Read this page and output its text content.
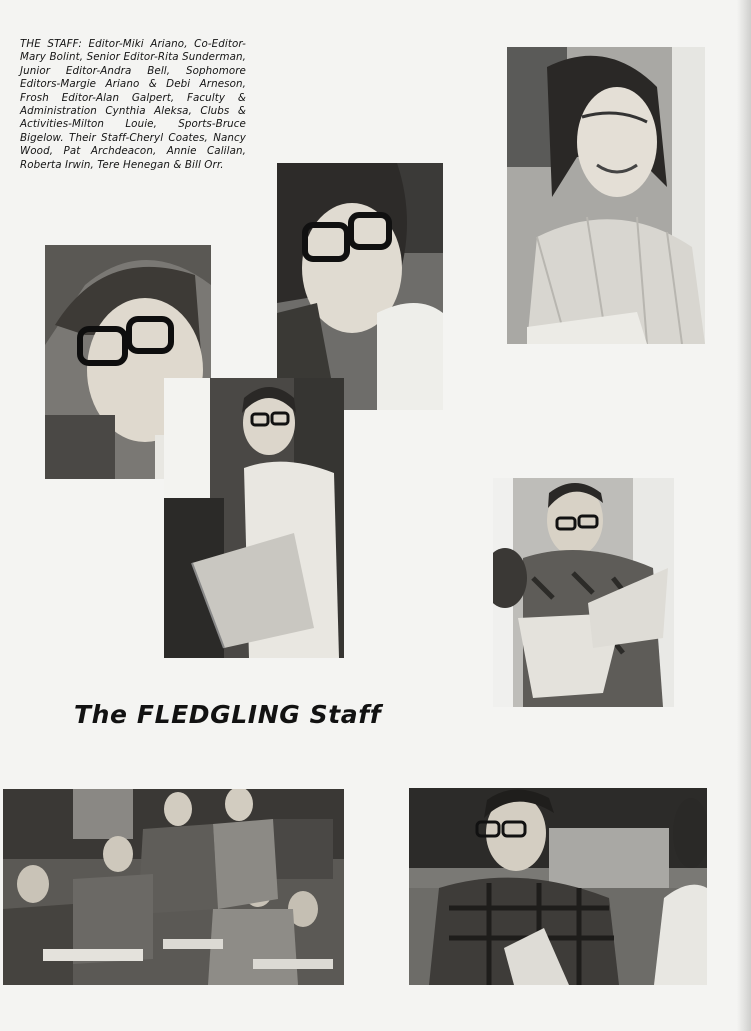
THE STAFF: Editor-Miki Ariano, Co-Editor-Mary Bolint, Senior Editor-Rita Sunderman, Junior Editor-Andra Bell, Sophomore Editors-Margie Ariano & Debi Arneson, Frosh Editor-Alan Galpert, Faculty & Administration Cynthia Aleksa, Clubs & Activities-Milton Louie, Sports-Bruce Bigelow. Their Staff-Cheryl Coates, Nancy Wood, Pat Archdeacon, Annie Calilan, Roberta Irwin, Tere Henegan & Bill Orr.
The FLEDGLING Staff
